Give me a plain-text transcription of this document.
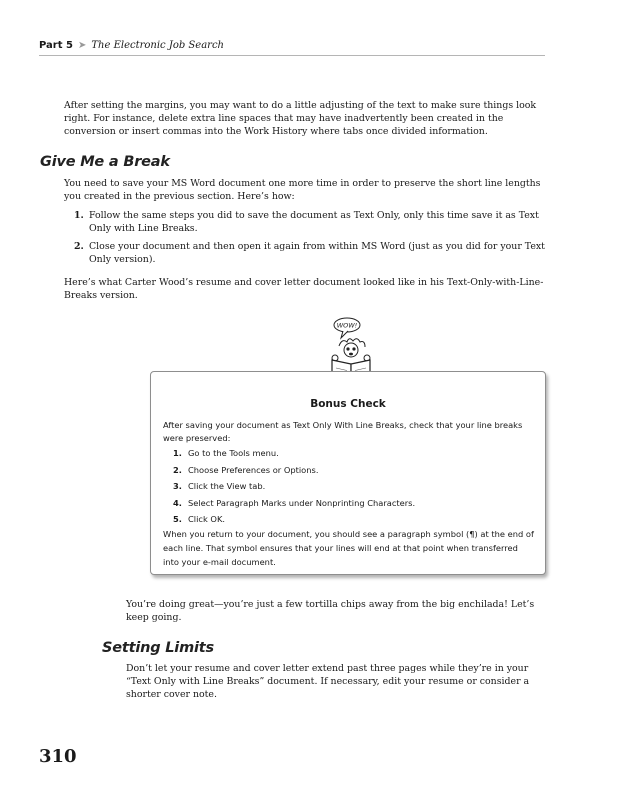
Part 5 ➤ The Electronic Job Search

After setting the margins, you may want to do a little adjusting of the text to make sure things look right. For instance, delete extra line spaces that may have inadvertently been created in the conversion or insert commas into the Work History where tabs once divided information.

Give Me a Break

You need to save your MS Word document one more time in order to preserve the short line lengths you created in the previous section. Here’s how:

1. Follow the same steps you did to save the document as Text Only, only this time save it as Text Only with Line Breaks.
2. Close your document and then open it again from within MS Word (just as you did for your Text Only version).

Here’s what Carter Wood’s resume and cover letter document looked like in his Text-Only-with-Line-Breaks version.

WOW!
Bonus Check
After saving your document as Text Only With Line Breaks, check that your line breaks were preserved:
1. Go to the Tools menu.
2. Choose Preferences or Options.
3. Click the View tab.
4. Select Paragraph Marks under Nonprinting Characters.
5. Click OK.
When you return to your document, you should see a paragraph symbol (¶) at the end of each line. That symbol ensures that your lines will end at that point when transferred into your e-mail document.

You’re doing great—you’re just a few tortilla chips away from the big enchilada! Let’s keep going.

Setting Limits

Don’t let your resume and cover letter extend past three pages while they’re in your “Text Only with Line Breaks” document. If necessary, edit your resume or consider a shorter cover note.

310
